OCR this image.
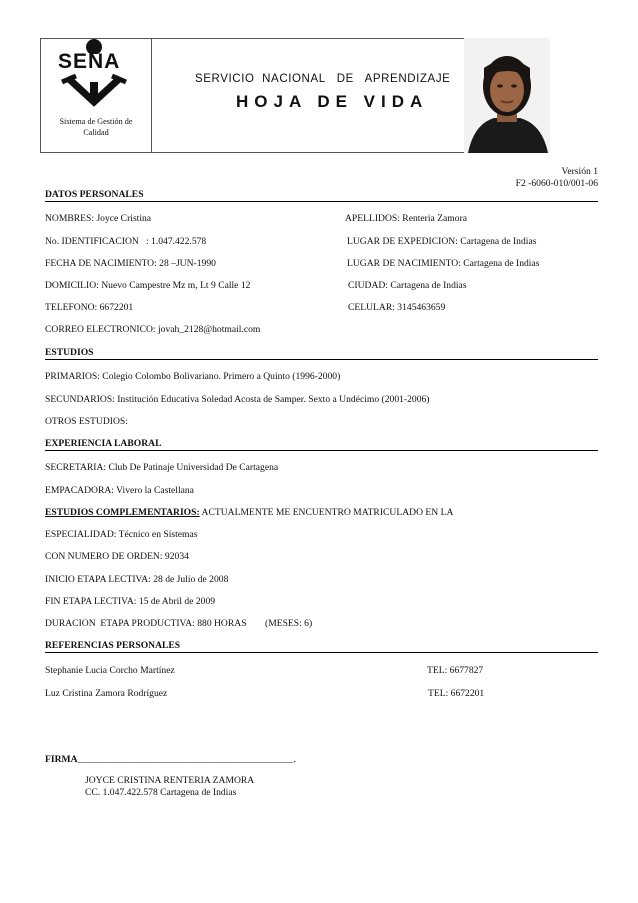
SENA
Sistema de Gestión de
Calidad
SERVICIO  NACIONAL   DE   APRENDIZAJE
HOJA DE VIDA
Versión 1
F2 -6060-010/001-06
DATOS PERSONALES
NOMBRES: Joyce Cristina	APELLIDOS: Renteria Zamora
No. IDENTIFICACION   : 1.047.422.578	LUGAR DE EXPEDICION: Cartagena de Indias
FECHA DE NACIMIENTO: 28 –JUN-1990	LUGAR DE NACIMIENTO: Cartagena de Indias
DOMICILIO: Nuevo Campestre Mz m, Lt 9 Calle 12	CIUDAD: Cartagena de Indias
TELEFONO: 6672201	CELULAR: 3145463659
CORREO ELECTRONICO: jovah_2128@hotmail.com
ESTUDIOS
PRIMARIOS: Colegio Colombo Bolivariano. Primero a Quinto (1996-2000)
SECUNDARIOS: Institución Educativa Soledad Acosta de Samper. Sexto a Undécimo (2001-2006)
OTROS ESTUDIOS:
EXPERIENCIA LABORAL
SECRETARIA: Club De Patinaje Universidad De Cartagena
EMPACADORA: Vivero la Castellana
ESTUDIOS COMPLEMENTARIOS: ACTUALMENTE ME ENCUENTRO MATRICULADO EN LA
ESPECIALIDAD: Técnico en Sistemas
CON NUMERO DE ORDEN: 92034
INICIO ETAPA LECTIVA: 28 de Julio de 2008
FIN ETAPA LECTIVA: 15 de Abril de 2009
DURACION  ETAPA PRODUCTIVA: 880 HORAS (MESES: 6)
REFERENCIAS PERSONALES
Stephanie Lucia Corcho Martínez	TEL: 6677827
Luz Cristina Zamora Rodríguez	TEL: 6672201
FIRMA_____________________________________________.
JOYCE CRISTINA RENTERIA ZAMORA
CC. 1.047.422.578 Cartagena de Indias
